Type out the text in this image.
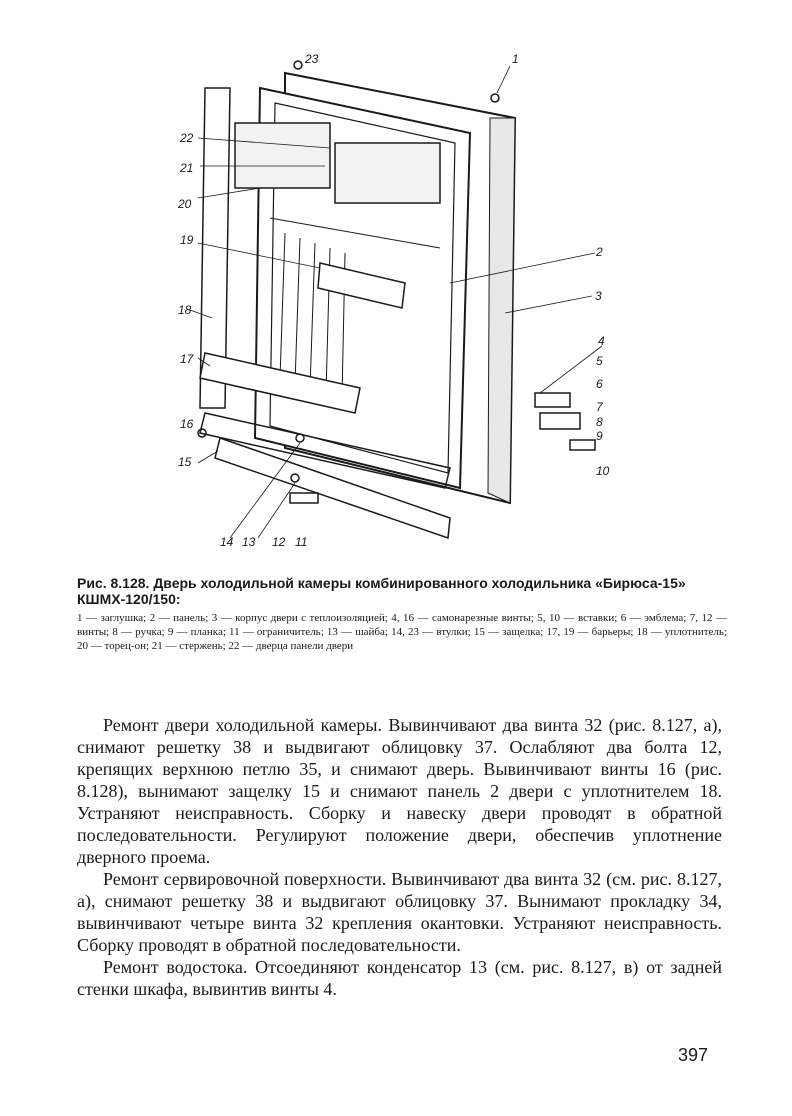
23	1
2
3
4
5
6
7
8
9
10
11
12
13
14
15
16
17
18
19
20
21
22

Рис. 8.128. Дверь холодильной камеры комбинированного холодильника «Бирюса-15» КШМХ-120/150:

1 — заглушка; 2 — панель; 3 — корпус двери с теплоизоляцией; 4, 16 — самонарезные винты; 5, 10 — вставки; 6 — эмблема; 7, 12 — винты; 8 — ручка; 9 — планка; 11 — ограничитель; 13 — шайба; 14, 23 — втулки; 15 — защелка; 17, 19 — барьеры; 18 — уплотнитель; 20 — торец-он; 21 — стержень; 22 — дверца панели двери

Ремонт двери холодильной камеры. Вывинчивают два винта 32 (рис. 8.127, а), снимают решетку 38 и выдвигают облицовку 37. Ослабляют два болта 12, крепящих верхнюю петлю 35, и снимают дверь. Вывинчивают винты 16 (рис. 8.128), вынимают защелку 15 и снимают панель 2 двери с уплотнителем 18. Устраняют неисправность. Сборку и навеску двери проводят в обратной последовательности. Регулируют положение двери, обеспечив уплотнение дверного проема.

Ремонт сервировочной поверхности. Вывинчивают два винта 32 (см. рис. 8.127, а), снимают решетку 38 и выдвигают облицовку 37. Вынимают прокладку 34, вывинчивают четыре винта 32 крепления окантовки. Устраняют неисправность. Сборку проводят в обратной последовательности.

Ремонт водостока. Отсоединяют конденсатор 13 (см. рис. 8.127, в) от задней стенки шкафа, вывинтив винты 4.

397
